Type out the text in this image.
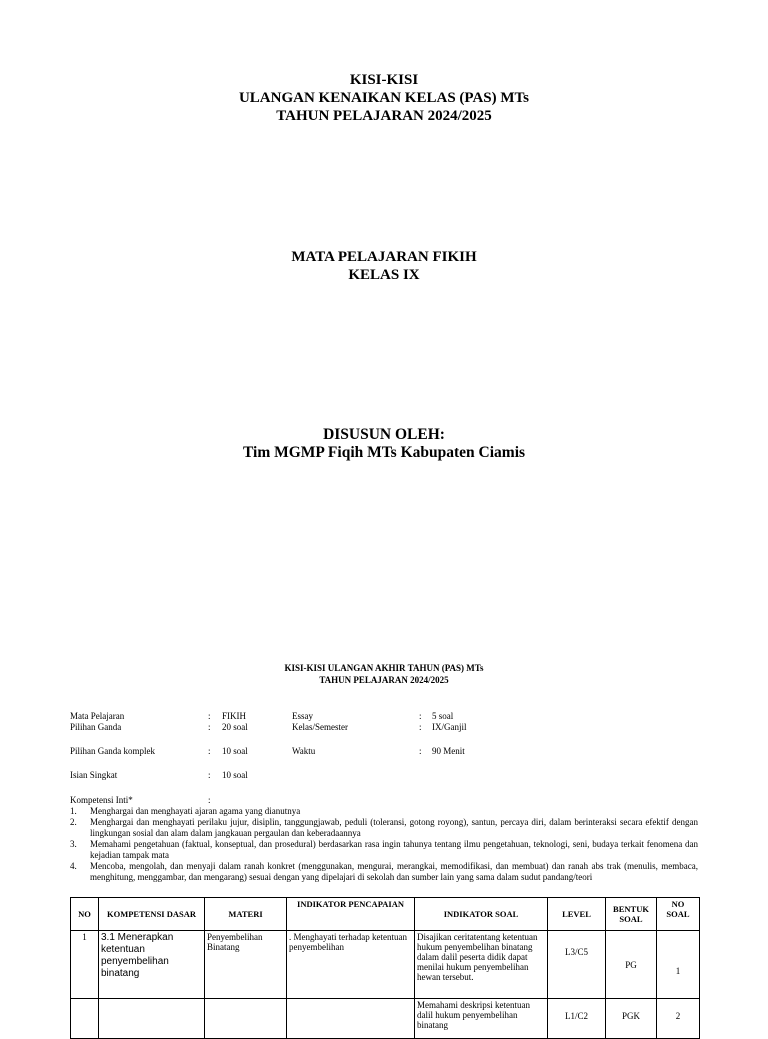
KISI-KISI
ULANGAN KENAIKAN KELAS (PAS) MTs
TAHUN PELAJARAN 2024/2025
MATA PELAJARAN FIKIH
KELAS IX
DISUSUN OLEH:
Tim MGMP Fiqih MTs Kabupaten Ciamis
KISI-KISI ULANGAN AKHIR TAHUN (PAS) MTs
TAHUN PELAJARAN 2024/2025
Mata Pelajaran	: FIKIH	Essay	: 5 soal
Pilihan Ganda	: 20 soal	Kelas/Semester	: IX/Ganjil
Pilihan Ganda komplek	: 10 soal	Waktu	: 90 Menit
Isian Singkat	: 10 soal
Kompetensi Inti*	:
1. Menghargai dan menghayati ajaran agama yang dianutnya
2. Menghargai dan menghayati perilaku jujur, disiplin, tanggungjawab, peduli (toleransi, gotong royong), santun, percaya diri, dalam berinteraksi secara efektif dengan lingkungan sosial dan alam dalam jangkauan pergaulan dan keberadaannya
3. Memahami pengetahuan (faktual, konseptual, dan prosedural) berdasarkan rasa ingin tahunya tentang ilmu pengetahuan, teknologi, seni, budaya terkait fenomena dan kejadian tampak mata
4. Mencoba, mengolah, dan menyaji dalam ranah konkret (menggunakan, mengurai, merangkai, memodifikasi, dan membuat) dan ranah abs trak (menulis, membaca, menghitung, menggambar, dan mengarang) sesuai dengan yang dipelajari di sekolah dan sumber lain yang sama dalam sudut pandang/teori
NO	KOMPETENSI DASAR	MATERI	INDIKATOR PENCAPAIAN	INDIKATOR SOAL	LEVEL	BENTUK SOAL	NO SOAL
1	3.1 Menerapkan ketentuan penyembelihan binatang	Penyembelihan Binatang	. Menghayati terhadap ketentuan penyembelihan	Disajikan ceritatentang ketentuan hukum penyembelihan binatang dalam dalil peserta didik dapat menilai hukum penyembelihan hewan tersebut.	L3/C5	PG	1
				Memahami deskripsi ketentuan dalil hukum penyembelihan binatang	L1/C2	PGK	2
